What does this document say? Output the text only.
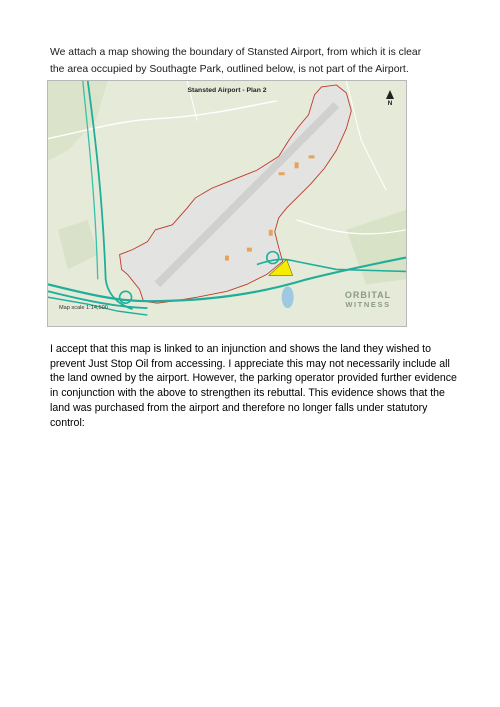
We attach a map showing the boundary of Stansted Airport, from which it is clear the area occupied by Southagte Park, outlined below, is not part of the Airport.
Stansted Airport - Plan 2
N
Map scale 1:14,500
ORBITAL
WITNESS
I accept that this map is linked to an injunction and shows the land they wished to prevent Just Stop Oil from accessing. I appreciate this may not necessarily include all the land owned by the airport. However, the parking operator provided further evidence in conjunction with the above to strengthen its rebuttal. This evidence shows that the land was purchased from the airport and therefore no longer falls under statutory control:
